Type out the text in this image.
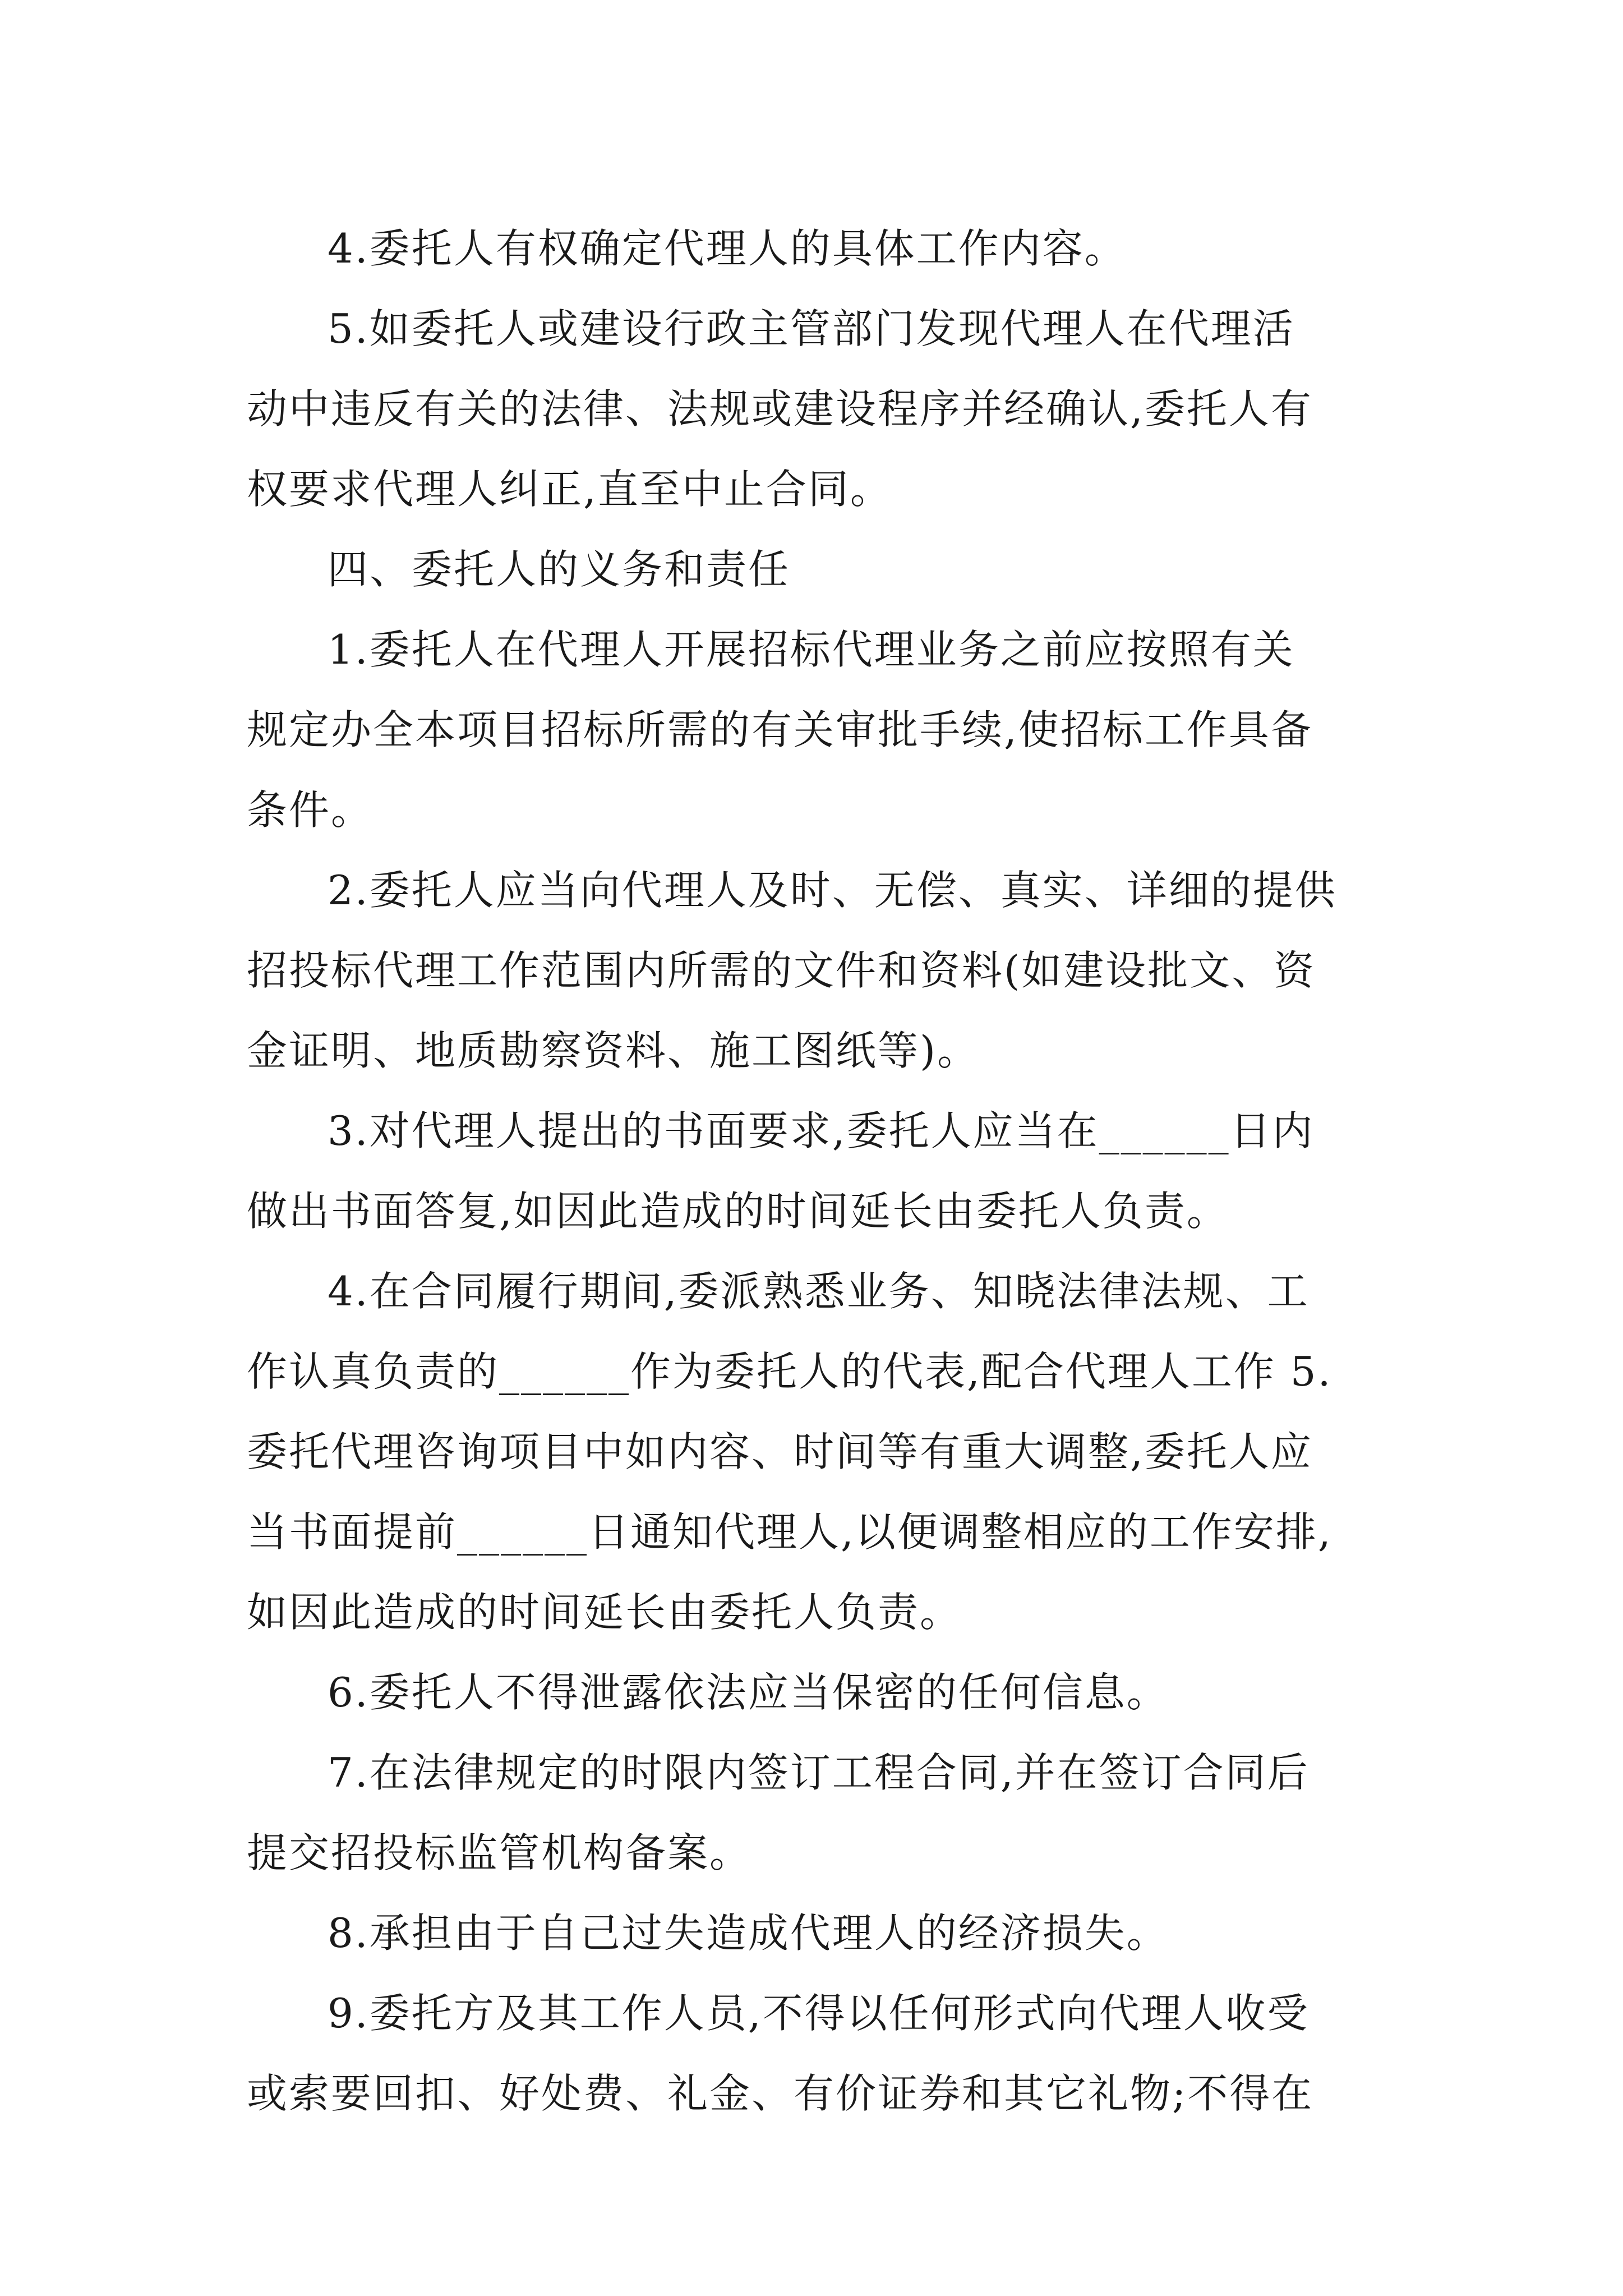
4.委托人有权确定代理人的具体工作内容。
5.如委托人或建设行政主管部门发现代理人在代理活
动中违反有关的法律、法规或建设程序并经确认,委托人有
权要求代理人纠正,直至中止合同。
四、委托人的义务和责任
1.委托人在代理人开展招标代理业务之前应按照有关
规定办全本项目招标所需的有关审批手续,使招标工作具备
条件。
2.委托人应当向代理人及时、无偿、真实、详细的提供
招投标代理工作范围内所需的文件和资料(如建设批文、资
金证明、地质勘察资料、施工图纸等)。
3.对代理人提出的书面要求,委托人应当在______日内
做出书面答复,如因此造成的时间延长由委托人负责。
4.在合同履行期间,委派熟悉业务、知晓法律法规、工
作认真负责的______作为委托人的代表,配合代理人工作 5.
委托代理咨询项目中如内容、时间等有重大调整,委托人应
当书面提前______日通知代理人,以便调整相应的工作安排,
如因此造成的时间延长由委托人负责。
6.委托人不得泄露依法应当保密的任何信息。
7.在法律规定的时限内签订工程合同,并在签订合同后
提交招投标监管机构备案。
8.承担由于自己过失造成代理人的经济损失。
9.委托方及其工作人员,不得以任何形式向代理人收受
或索要回扣、好处费、礼金、有价证券和其它礼物;不得在
